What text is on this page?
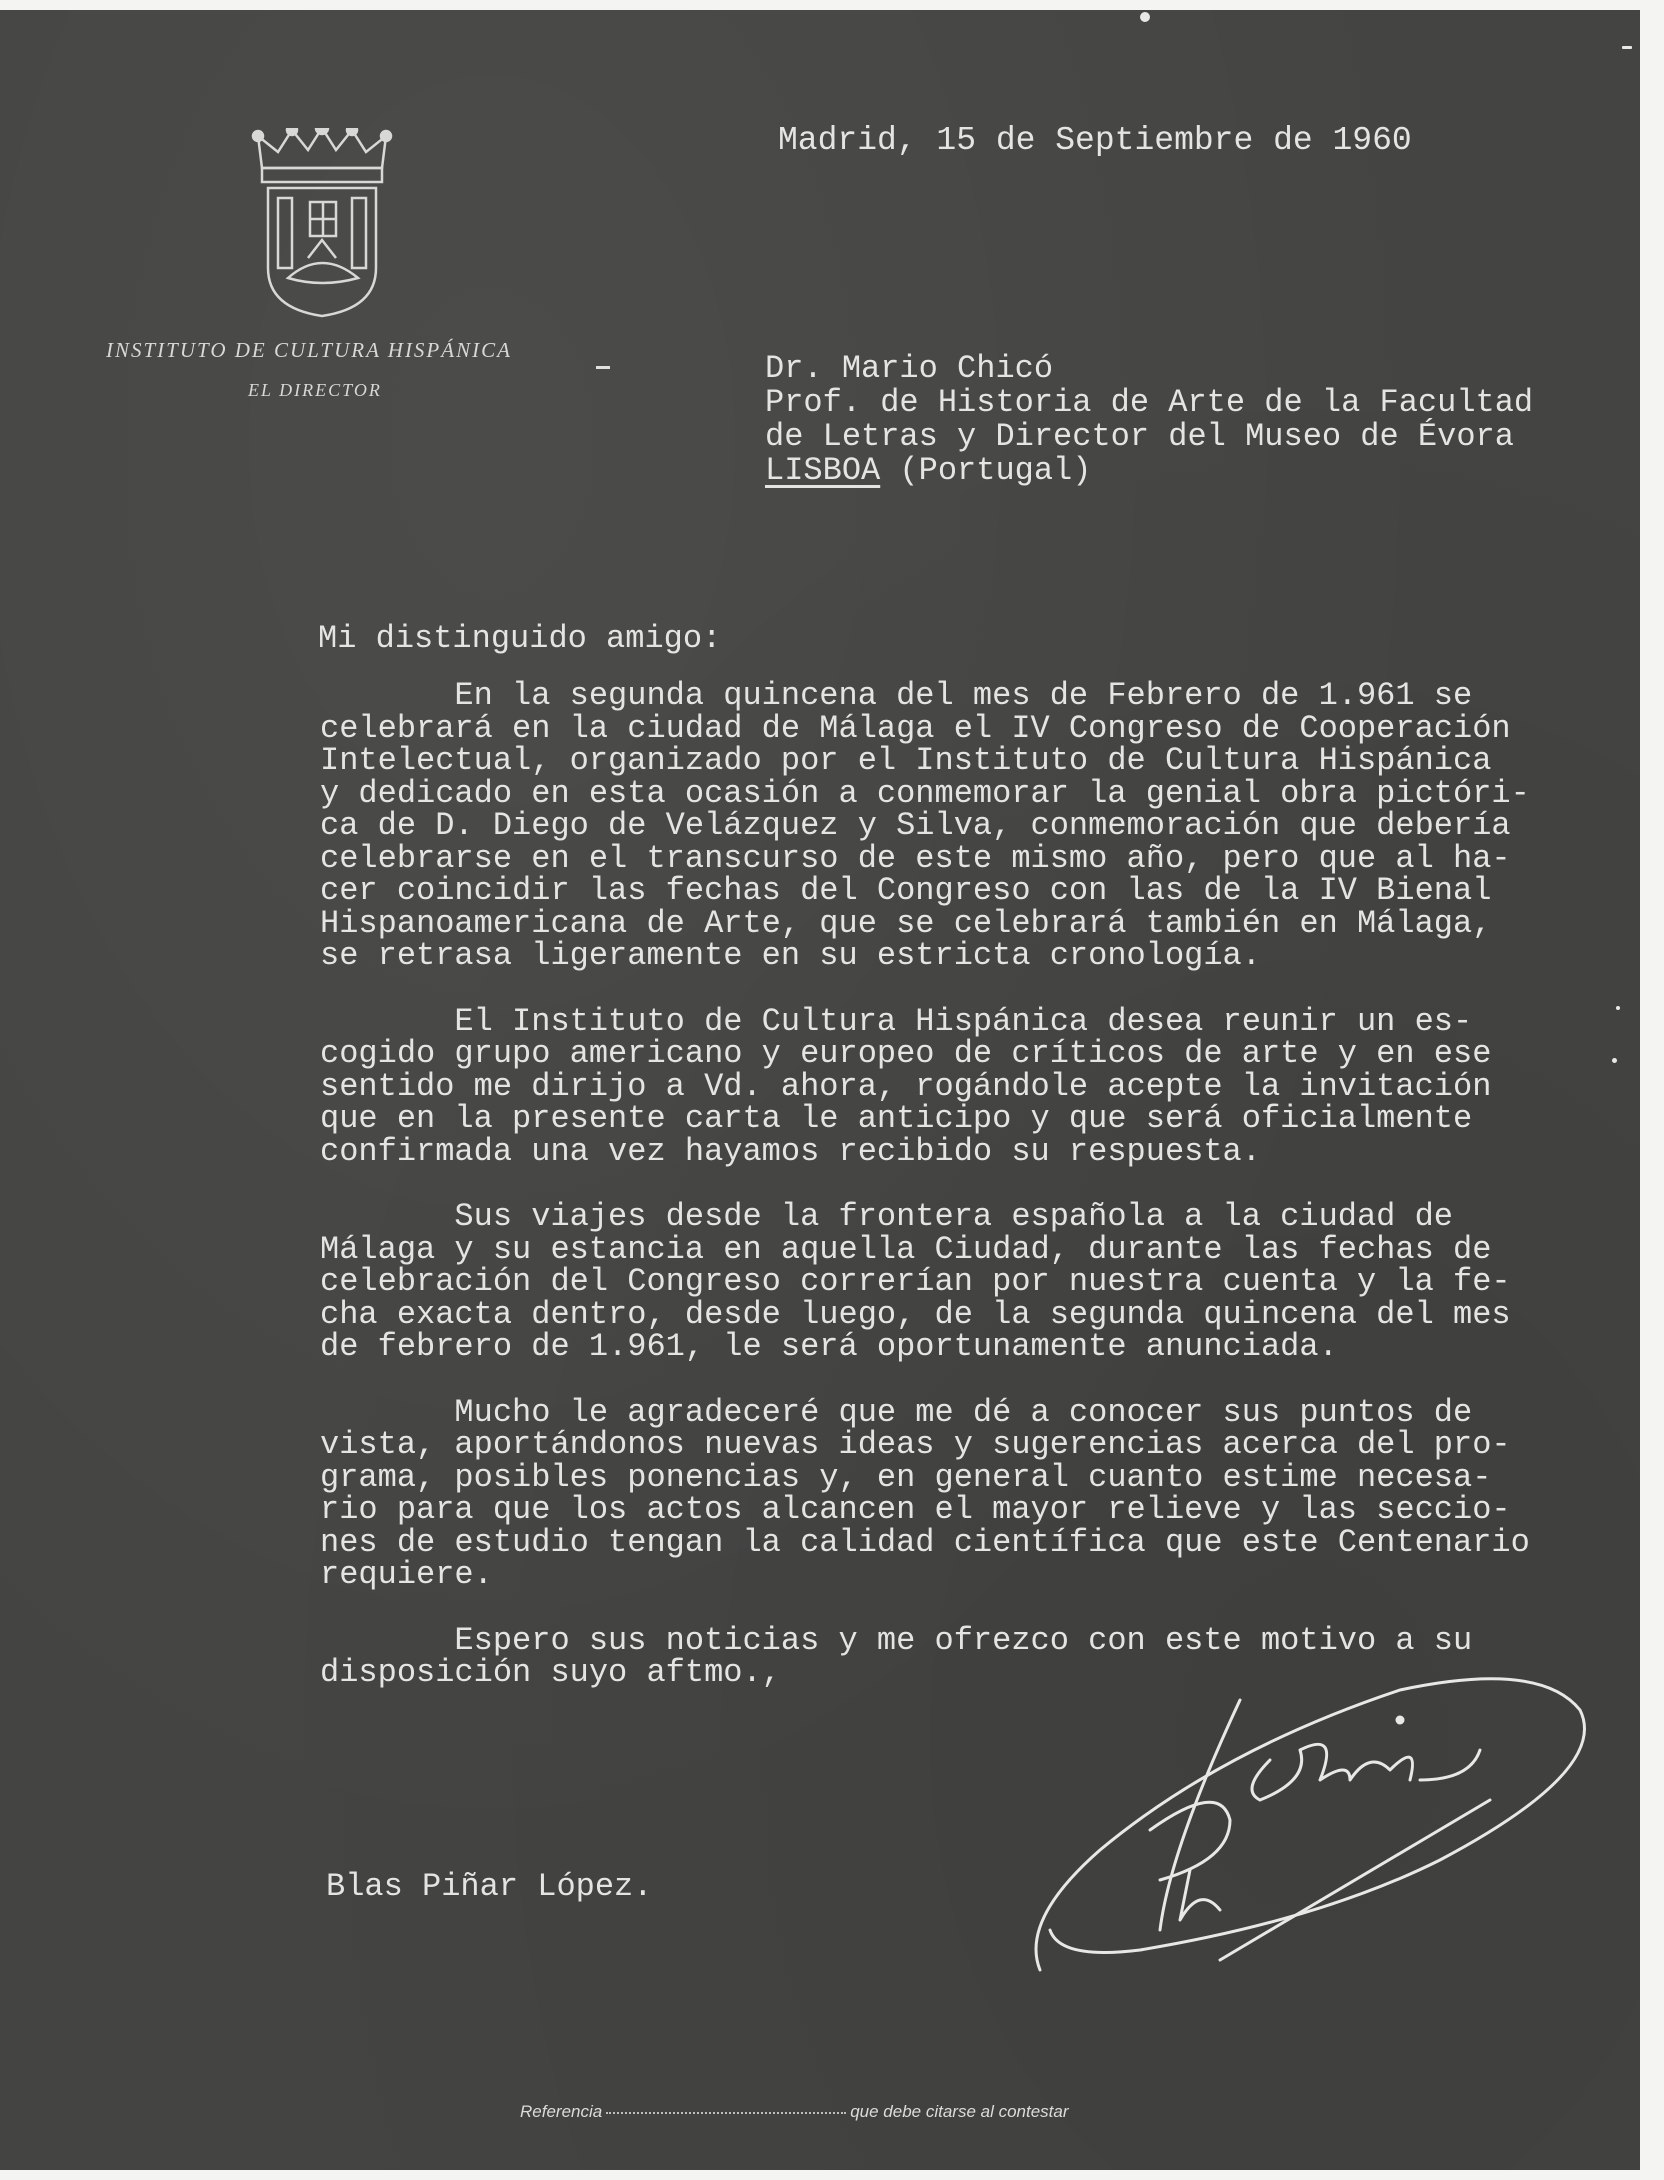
INSTITUTO DE CULTURA HISPÁNICA
EL DIRECTOR
Madrid, 15 de Septiembre de 1960
Dr. Mario Chicó
Prof. de Historia de Arte de la Facultad
de Letras y Director del Museo de Évora
LISBOA (Portugal)
Mi distinguido amigo:
En la segunda quincena del mes de Febrero de 1.961 se
celebrará en la ciudad de Málaga el IV Congreso de Cooperación
Intelectual, organizado por el Instituto de Cultura Hispánica
y dedicado en esta ocasión a conmemorar la genial obra pictóri-
ca de D. Diego de Velázquez y Silva, conmemoración que debería
celebrarse en el transcurso de este mismo año, pero que al ha-
cer coincidir las fechas del Congreso con las de la IV Bienal
Hispanoamericana de Arte, que se celebrará también en Málaga,
se retrasa ligeramente en su estricta cronología.
El Instituto de Cultura Hispánica desea reunir un es-
cogido grupo americano y europeo de críticos de arte y en ese
sentido me dirijo a Vd. ahora, rogándole acepte la invitación
que en la presente carta le anticipo y que será oficialmente
confirmada una vez hayamos recibido su respuesta.
Sus viajes desde la frontera española a la ciudad de
Málaga y su estancia en aquella Ciudad, durante las fechas de
celebración del Congreso correrían por nuestra cuenta y la fe-
cha exacta dentro, desde luego, de la segunda quincena del mes
de febrero de 1.961, le será oportunamente anunciada.
Mucho le agradeceré que me dé a conocer sus puntos de
vista, aportándonos nuevas ideas y sugerencias acerca del pro-
grama, posibles ponencias y, en general cuanto estime necesa-
rio para que los actos alcancen el mayor relieve y las seccio-
nes de estudio tengan la calidad científica que este Centenario
requiere.
Espero sus noticias y me ofrezco con este motivo a su
disposición suyo aftmo.,
Blas Piñar López.
Referencia	que debe citarse al contestar
